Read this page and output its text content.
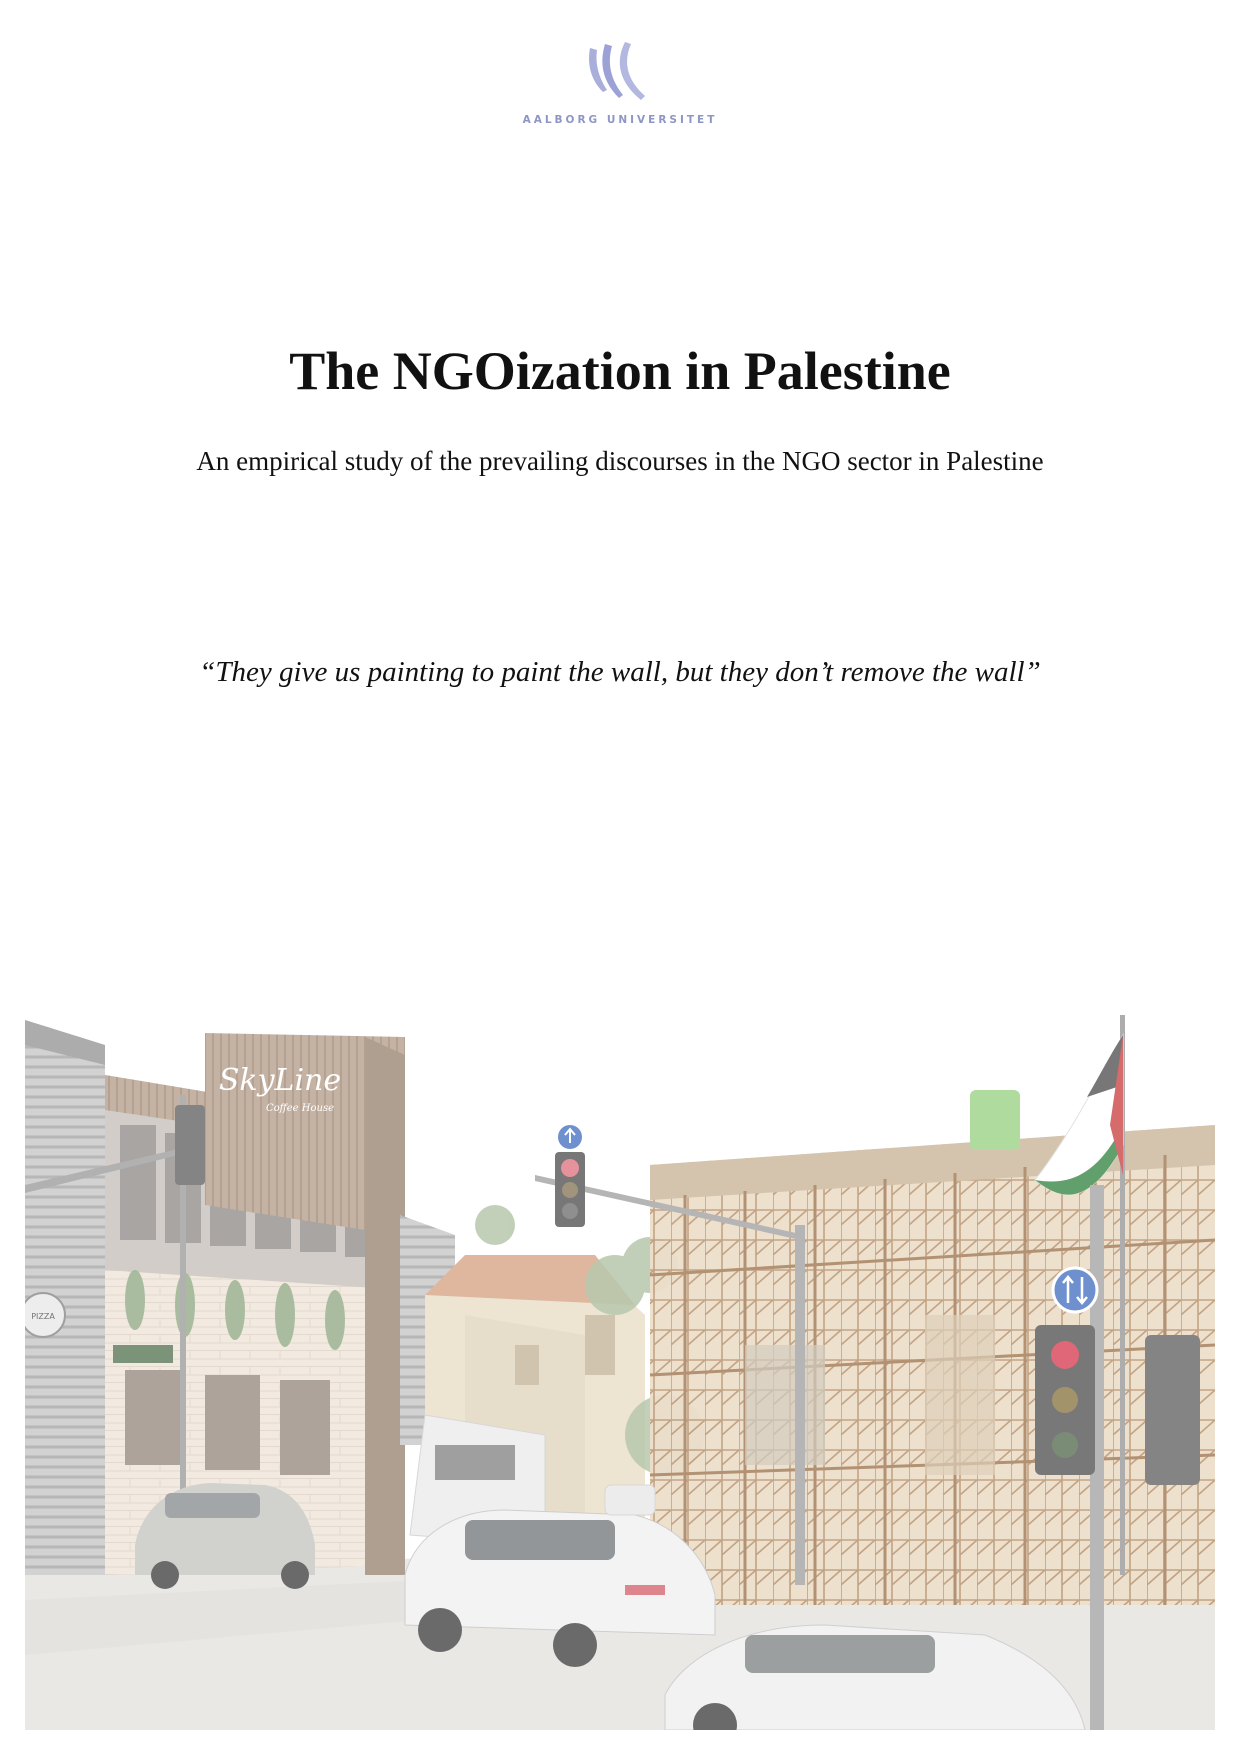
AALBORG UNIVERSITET
The NGOization in Palestine

An empirical study of the prevailing discourses in the NGO sector in Palestine

“They give us painting to paint the wall, but they don’t remove the wall”

PIZZA
SkyLine
Coffee House
